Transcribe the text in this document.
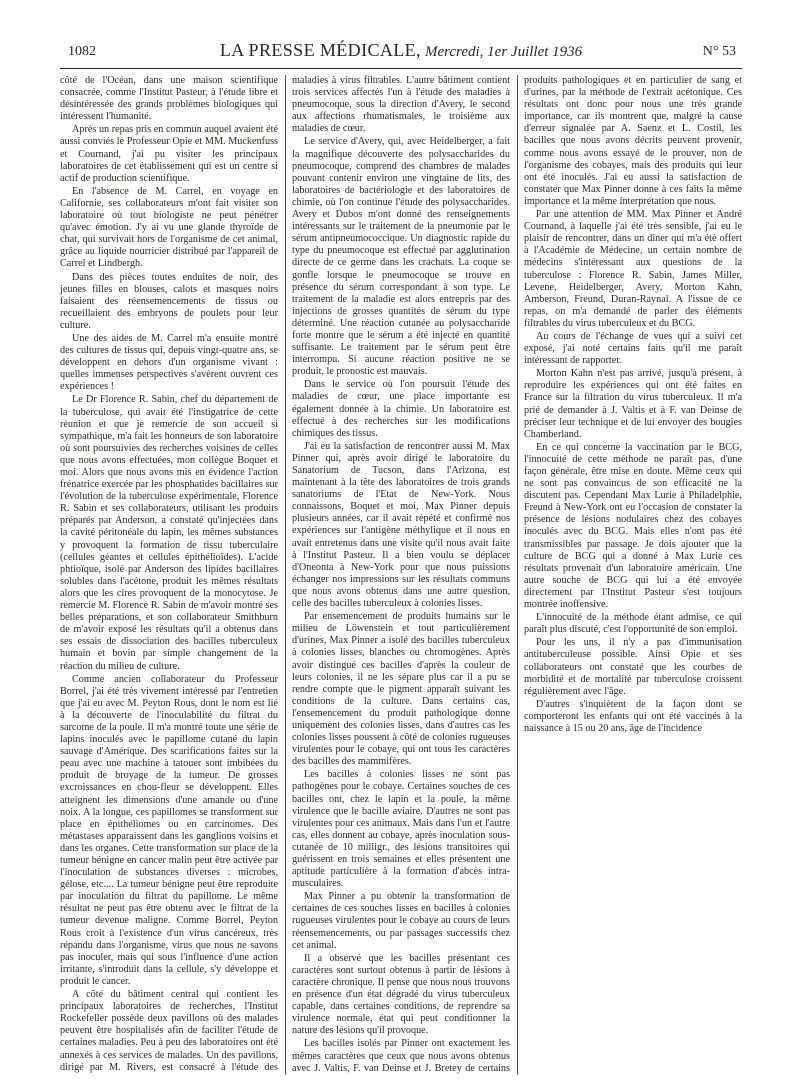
1082	LA PRESSE MÉDICALE, Mercredi, 1er Juillet 1936	N° 53

côté de l'Océan, dans une maison scientifique consacrée, comme l'Institut Pasteur, à l'étude libre et désintéressée des grands problèmes biologiques qui intéressent l'humanité.

Après un repas pris en commun auquel avaient été aussi conviés le Professeur Opie et MM. Muckenfuss et Cournand, j'ai pu visiter les principaux laboratoires de cet établissement qui est un centre si actif de production scientifique.

En l'absence de M. Carrel, en voyage en Californie, ses collaborateurs m'ont fait visiter son laboratoire où tout biologiste ne peut pénétrer qu'avec émotion. J'y ai vu une glande thyroïde de chat, qui survivait hors de l'organisme de cet animal, grâce au liquide nourricier distribué par l'appareil de Carrel et Lindbergh.

Dans des pièces toutes enduites de noir, des jeunes filles en blouses, calots et masques noirs faisaient des réensemencements de tissus ou recueillaient des embryons de poulets pour leur culture.

Une des aides de M. Carrel m'a ensuite montré des cultures de tissus qui, depuis vingt-quatre ans, se développent en dehors d'un organisme vivant : quelles immenses perspectives s'avèrent ouvrent ces expériences !

Le Dr Florence R. Sabin, chef du département de la tuberculose, qui avait été l'instigatrice de cette réunion et que je remercie de son accueil si sympathique, m'a fait les honneurs de son laboratoire où sont poursuivies des recherches voisines de celles que nous avons effectuées, mon collègue Boquet et moi. Alors que nous avons mis en évidence l'action frénatrice exercée par les phosphatides bacillaires sur l'évolution de la tuberculose expérimentale, Florence R. Sabin et ses collaborateurs, utilisant les produits préparés par Anderson, a constaté qu'injectées dans la cavité péritonéale du lapin, les mêmes substances y provoquent la formation de tissu tuberculaire (cellules géantes et cellules épithélioïdes). L'acide phtioïque, isolé par Anderson des lipides bacillaires solubles dans l'acétone, produit les mêmes résultats alors que les cires provoquent de la monocytose. Je remercie M. Florence R. Sabin de m'avoir montré ses belles préparations, et son collaborateur Smithburn de m'avoir exposé les résultats qu'il a obtenus dans ses essais de dissociation des bacilles tuberculeux humain et bovin par simple changement de la réaction du milieu de culture.

Comme ancien collaborateur du Professeur Borrel, j'ai été très vivement intéressé par l'entretien que j'ai eu avec M. Peyton Rous, dont le nom est lié à la découverte de l'inoculabilité du filtrat du sarcome de la poule. Il m'a montré toute une série de lapins inoculés avec le papillome cutané du lapin sauvage d'Amérique. Des scarifications faites sur la peau avec une machine à tatouer sont imbibées du produit de broyage de la tumeur. De grosses excroissances en chou-fleur se développent. Elles atteignent les dimensions d'une amande ou d'une noix. A la longue, ces papillomes se transforment sur place en épithéliomes ou en carcinomes. Des métastases apparaissent dans les ganglions voisins et dans les organes. Cette transformation sur place de la tumeur bénigne en cancer malin peut être activée par l'inoculation de substances diverses : microbes, gélose, etc.... La tumeur bénigne peut être reproduite par inoculation du filtrat du papillome. Le même résultat ne peut pas être obtenu avec le filtrat de la tumeur devenue maligne. Comme Borrel, Peyton Rous croit à l'existence d'un virus cancéreux, très répandu dans l'organisme, virus que nous ne savons pas inoculer, mais qui sous l'influence d'une action irritante, s'introduit dans la cellule, s'y développe et produit le cancer.

A côté du bâtiment central qui contient les principaux laboratoires de recherches, l'Institut Rockefeller possède deux pavillons où des malades peuvent être hospitalisés afin de faciliter l'étude de certaines maladies. Peu à peu des laboratoires ont été annexés à ces services de malades. Un des pavillons, dirigé par M. Rivers, est consacré à l'étude des maladies à virus filtrables. L'autre bâtiment contient trois services affectés l'un à l'étude des maladies à pneumocoque, sous la direction d'Avery, le second aux affections rhumatismales, le troisième aux maladies de cœur.

Le service d'Avery, qui, avec Heidelberger, a fait la magnifique découverte des polysaccharides du pneumocoque, comprend des chambres de malades pouvant contenir environ une vingtaine de lits, des laboratoires de bactériologie et des laboratoires de chimie, où l'on continue l'étude des polysaccharides. Avery et Dubos m'ont donné des renseignements intéressants sur le traitement de la pneumonie par le sérum antipneumococcique. Un diagnostic rapide du type du pneumocoque est effectué par agglutination directe de ce germe dans les crachats. La coque se gonfle lorsque le pneumocoque se trouve en présence du sérum correspondant à son type. Le traitement de la maladie est alors entrepris par des injections de grosses quantités de sérum du type déterminé. Une réaction cutanée au polysaccharide forte montre que le sérum a été injecté en quantité suffisante. Le traitement par le sérum peut être interrompu. Si aucune réaction positive ne se produit, le pronostic est mauvais.

Dans le service où l'on poursuit l'étude des maladies de cœur, une place importante est également donnée à la chimie. Un laboratoire est effectué à des recherches sur les modifications chimiques des tissus.

J'ai eu la satisfaction de rencontrer aussi M. Max Pinner qui, après avoir dirigé le laboratoire du Sanatorium de Tucson, dans l'Arizona, est maintenant à la tête des laboratoires de trois grands sanatoriums de l'Etat de New-York. Nous connaissons, Boquet et moi, Max Pinner depuis plusieurs années, car il avait répété et confirmé nos expériences sur l'antigène méthylique et il nous en avait entretenus dans une visite qu'il nous avait faite à l'Institut Pasteur. Il a bien voulu se déplacer d'Oneonta à New-York pour que nous puissions échanger nos impressions sur les résultats communs que nous avons obtenus dans une autre question, celle des bacilles tuberculeux à colonies lisses.

Par ensemencement de produits humains sur le milieu de Löwenstein et tout particulièrement d'urines, Max Pinner a isolé des bacilles tuberculeux à colonies lisses, blanches ou chromogènes. Après avoir distingué ces bacilles d'après la couleur de leurs colonies, il ne les sépare plus car il a pu se rendre compte que le pigment apparaît suivant les conditions de la culture. Dans certains cas, l'ensemencement du produit pathologique donne uniquement des colonies lisses, dans d'autres cas les colonies lisses poussent à côté de colonies rugueuses virulentes pour le cobaye, qui ont tous les caractères des bacilles des mammifères.

Les bacilles à colonies lisses ne sont pas pathogènes pour le cobaye. Certaines souches de ces bacilles ont, chez le lapin et la poule, la même virulence que le bacille aviaire. D'autres ne sont pas virulentes pour ces animaux. Mais dans l'un et l'autre cas, elles donnent au cobaye, après inoculation sous-cutanée de 10 milligr., des lésions transitoires qui guérissent en trois semaines et elles présentent une aptitude particulière à la formation d'abcès intra-musculaires.

Max Pinner a pu obtenir la transformation de certaines de ces souches lisses en bacilles à colonies rugueuses virulentes pour le cobaye au cours de leurs réensemencements, ou par passages successifs chez cet animal.

Il a observé que les bacilles présentant ces caractères sont surtout obtenus à partir de lésions à caractère chronique. Il pense que nous nous trouvons en présence d'un état dégradé du virus tuberculeux capable, dans certaines conditions, de reprendre sa virulence normale, état qui peut conditionner la nature des lésions qu'il provoque.

Les bacilles isolés par Pinner ont exactement les mêmes caractères que ceux que nous avons obtenus avec J. Valtis, F. van Deinse et J. Bretey de certains produits pathologiques et en particulier de sang et d'urines, par la méthode de l'extrait acétonique. Ces résultats ont donc pour nous une très grande importance, car ils montrent que, malgré la cause d'erreur signalée par A. Saenz et L. Costil, les bacilles que nous avons décrits peuvent provenir, comme nous avons essayé de le prouver, non de l'organisme des cobayes, mais des produits qui leur ont été inoculés. J'ai eu aussi la satisfaction de constater que Max Pinner donne à ces faits la même importance et la même interprétation que nous.

Par une attention de MM. Max Pinner et André Cournand, à laquelle j'ai été très sensible, j'ai eu le plaisir de rencontrer, dans un dîner qui m'a été offert à l'Académie de Médecine, un certain nombre de médecins s'intéressant aux questions de la tuberculose : Florence R. Sabin, James Miller, Levene, Heidelberger, Avery, Morton Kahn, Amberson, Freund, Duran-Raynal. A l'issue de ce repas, on m'a demandé de parler des éléments filtrables du virus tuberculeux et du BCG.

Au cours de l'échange de vues qui a suivi cet exposé, j'ai noté certains faits qu'il me paraît intéressant de rapporter.

Morton Kahn n'est pas arrivé, jusqu'à présent, à reproduire les expériences qui ont été faites en France sur la filtration du virus tuberculeux. Il m'a prié de demander à J. Valtis et à F. van Deinse de préciser leur technique et de lui envoyer des bougies Chamberland.

En ce qui concerne la vaccination par le BCG, l'innocuité de cette méthode ne paraît pas, d'une façon générale, être mise en doute. Même ceux qui ne sont pas convaincus de son efficacité ne la discutent pas. Cependant Max Lurie à Philadelphie, Freund à New-York ont eu l'occasion de constater la présence de lésions nodulaires chez des cobayes inoculés avec du BCG. Mais elles n'ont pas été transmissibles par passage. Je dois ajouter que la culture de BCG qui a donné à Max Lurie ces résultats provenait d'un laboratoire américain. Une autre souche de BCG qui lui a été envoyée directement par l'Institut Pasteur s'est toujours montrée inoffensive.

L'innocuité de la méthode étant admise, ce qui paraît plus discuté, c'est l'opportunité de son emploi.

Pour les uns, il n'y a pas d'immunisation antituberculeuse possible. Ainsi Opie et ses collaborateurs ont constaté que les courbes de morbidité et de mortalité par tuberculose croissent régulièrement avec l'âge.

D'autres s'inquiètent de la façon dont se comporteront les enfants qui ont été vaccinés à la naissance à 15 ou 20 ans, âge de l'incidence
